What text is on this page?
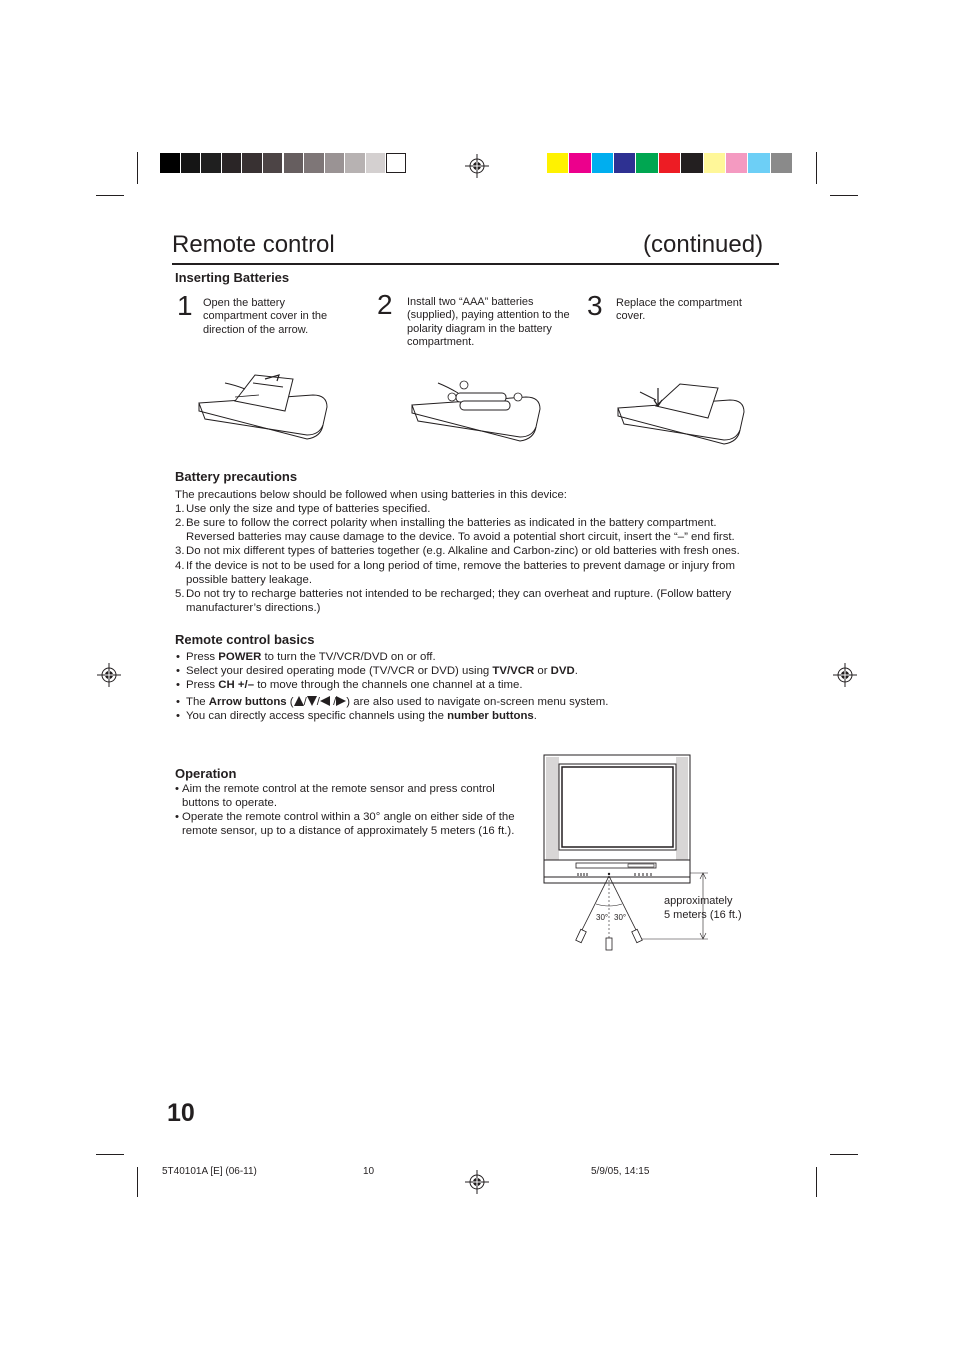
Remote control	(continued)
Inserting Batteries
1 Open the battery compartment cover in the direction of the arrow.
2 Install two “AAA” batteries (supplied), paying attention to the polarity diagram in the battery compartment.
3 Replace the compartment cover.
Battery precautions
The precautions below should be followed when using batteries in this device:
1. Use only the size and type of batteries specified.
2. Be sure to follow the correct polarity when installing the batteries as indicated in the battery compartment. Reversed batteries may cause damage to the device. To avoid a potential short circuit, insert the “–” end first.
3. Do not mix different types of batteries together (e.g. Alkaline and Carbon-zinc) or old batteries with fresh ones.
4. If the device is not to be used for a long period of time, remove the batteries to prevent damage or injury from possible battery leakage.
5. Do not try to recharge batteries not intended to be recharged; they can overheat and rupture. (Follow battery manufacturer’s directions.)
Remote control basics
• Press POWER to turn the TV/VCR/DVD on or off.
• Select your desired operating mode (TV/VCR or DVD) using TV/VCR or DVD.
• Press CH +/– to move through the channels one channel at a time.
• The Arrow buttons ( / / / ) are also used to navigate on-screen menu system.
• You can directly access specific channels using the number buttons.
Operation
• Aim the remote control at the remote sensor and press control buttons to operate.
• Operate the remote control within a 30° angle on either side of the remote sensor, up to a distance of approximately 5 meters (16 ft.).
30° 30°
approximately
5 meters (16 ft.)
10
5T40101A [E] (06-11)	10	5/9/05, 14:15
